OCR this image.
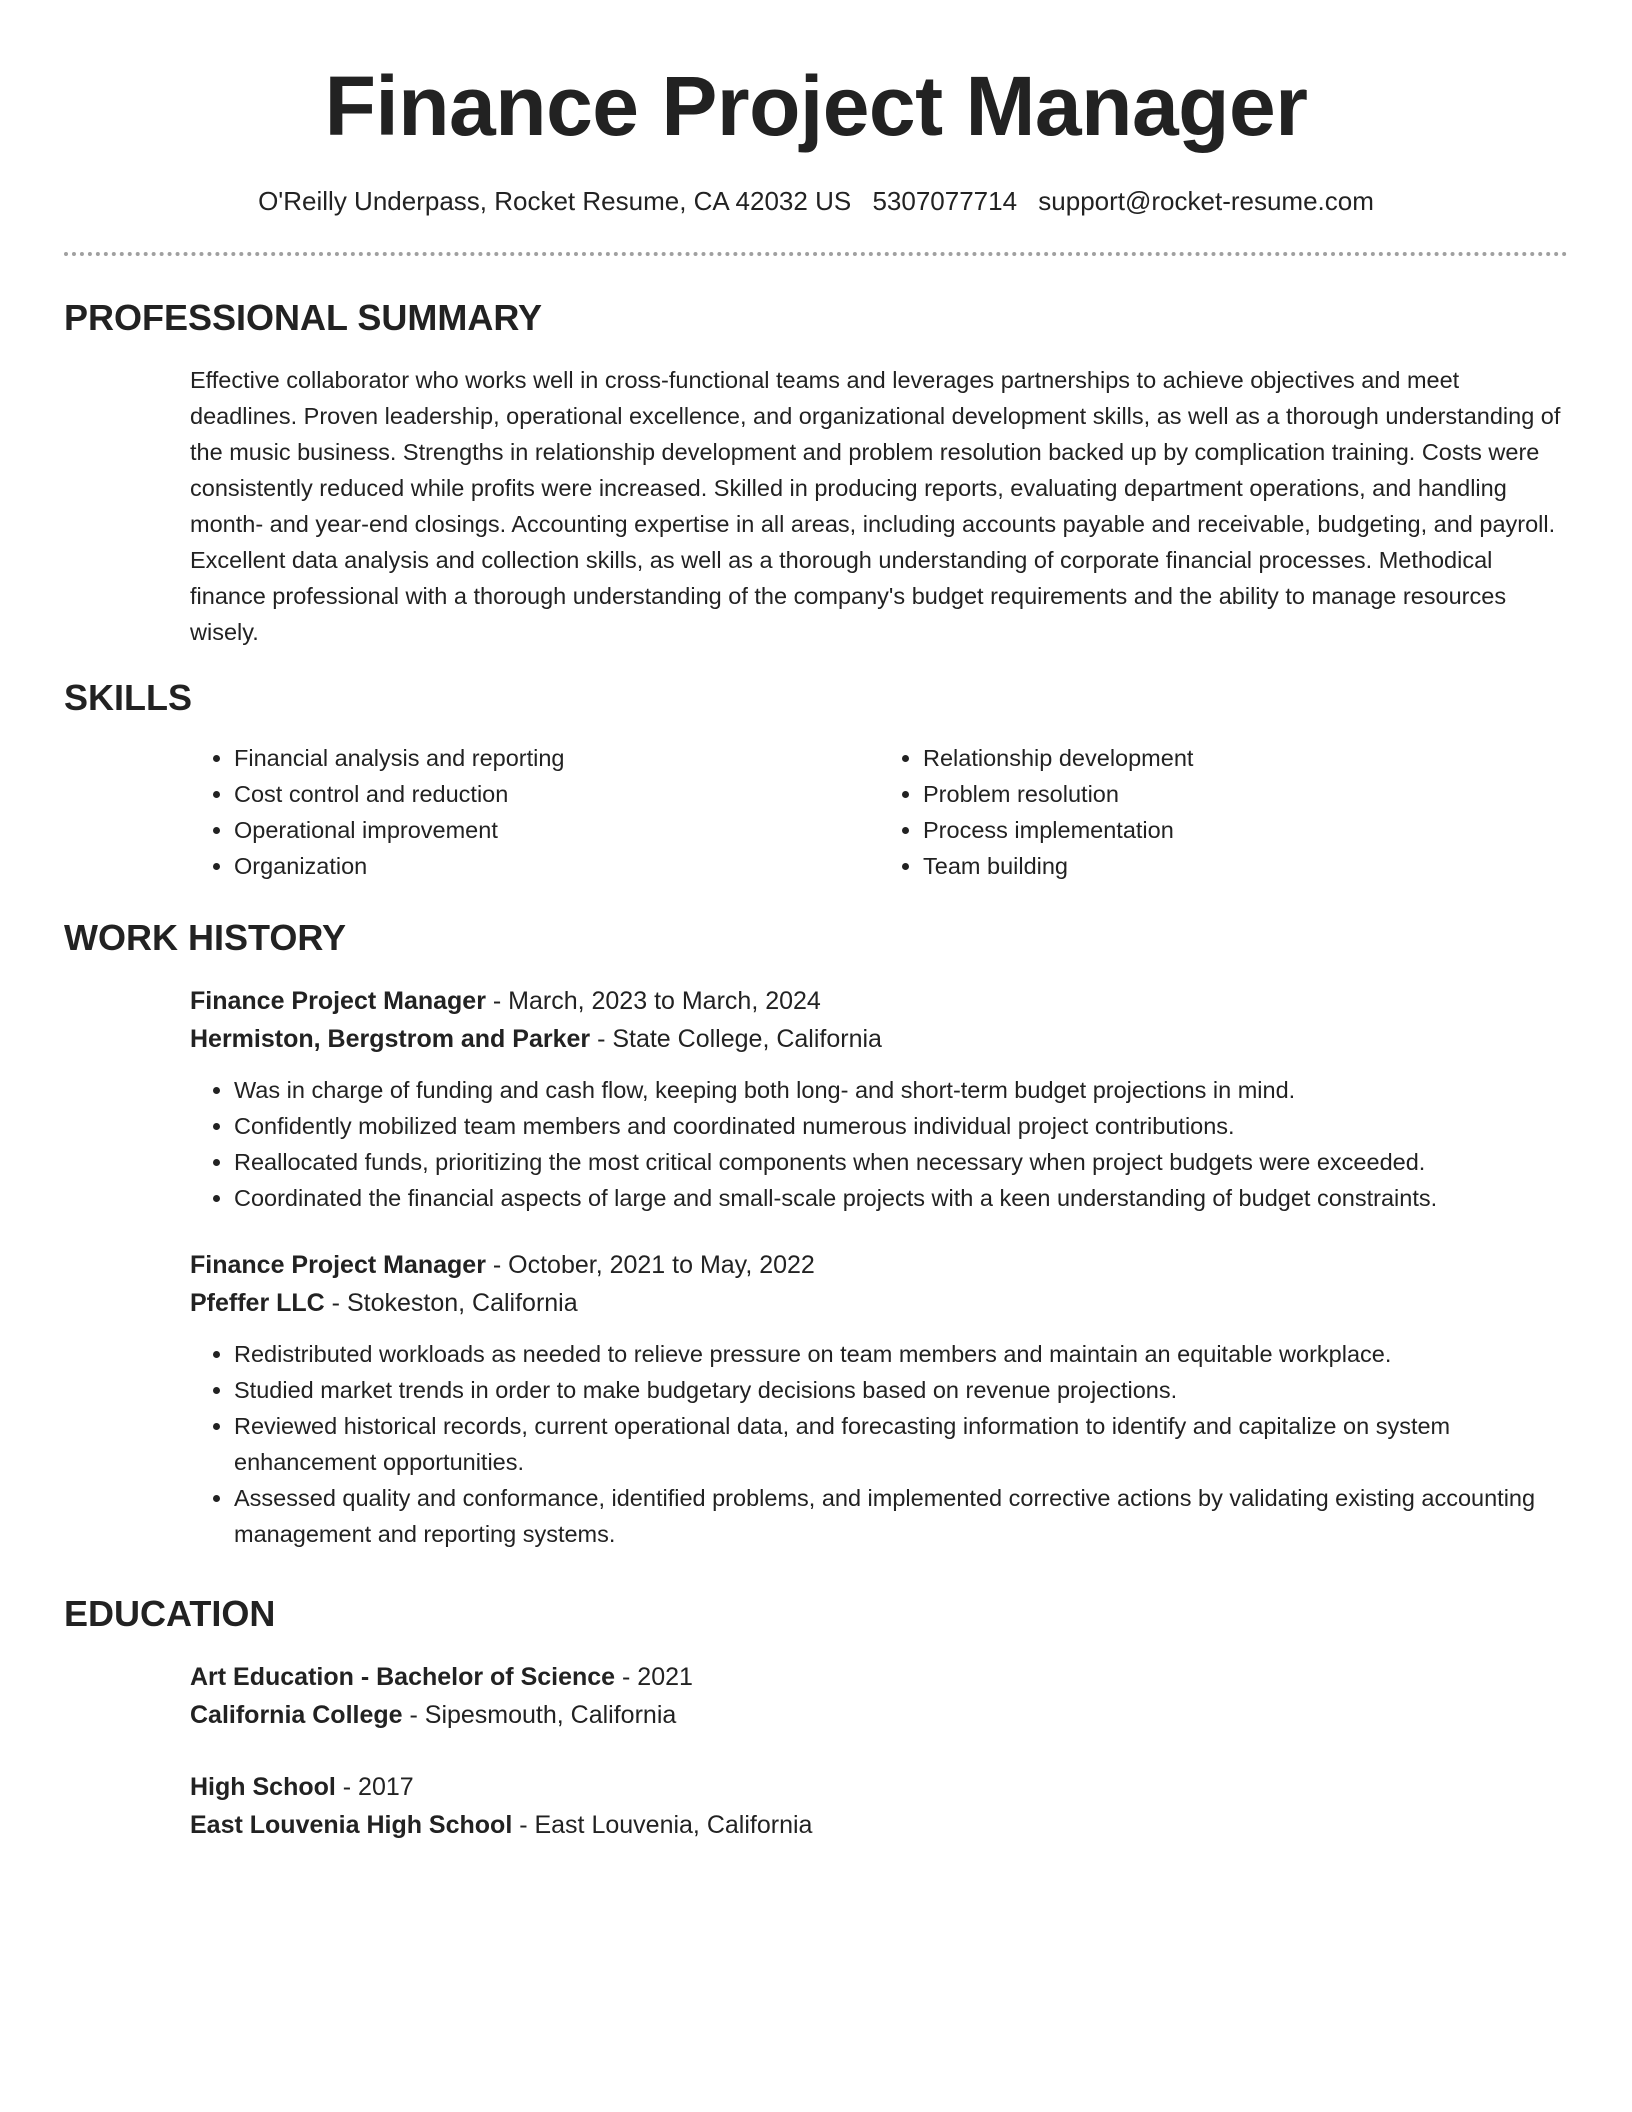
Finance Project Manager
O'Reilly Underpass, Rocket Resume, CA 42032 US 5307077714 support@rocket-resume.com
PROFESSIONAL SUMMARY
Effective collaborator who works well in cross-functional teams and leverages partnerships to achieve objectives and meet deadlines. Proven leadership, operational excellence, and organizational development skills, as well as a thorough understanding of the music business. Strengths in relationship development and problem resolution backed up by complication training. Costs were consistently reduced while profits were increased. Skilled in producing reports, evaluating department operations, and handling month- and year-end closings. Accounting expertise in all areas, including accounts payable and receivable, budgeting, and payroll. Excellent data analysis and collection skills, as well as a thorough understanding of corporate financial processes. Methodical finance professional with a thorough understanding of the company's budget requirements and the ability to manage resources wisely.
SKILLS
• Financial analysis and reporting
• Cost control and reduction
• Operational improvement
• Organization
• Relationship development
• Problem resolution
• Process implementation
• Team building
WORK HISTORY
Finance Project Manager - March, 2023 to March, 2024
Hermiston, Bergstrom and Parker - State College, California
• Was in charge of funding and cash flow, keeping both long- and short-term budget projections in mind.
• Confidently mobilized team members and coordinated numerous individual project contributions.
• Reallocated funds, prioritizing the most critical components when necessary when project budgets were exceeded.
• Coordinated the financial aspects of large and small-scale projects with a keen understanding of budget constraints.
Finance Project Manager - October, 2021 to May, 2022
Pfeffer LLC - Stokeston, California
• Redistributed workloads as needed to relieve pressure on team members and maintain an equitable workplace.
• Studied market trends in order to make budgetary decisions based on revenue projections.
• Reviewed historical records, current operational data, and forecasting information to identify and capitalize on system enhancement opportunities.
• Assessed quality and conformance, identified problems, and implemented corrective actions by validating existing accounting management and reporting systems.
EDUCATION
Art Education - Bachelor of Science - 2021
California College - Sipesmouth, California
High School - 2017
East Louvenia High School - East Louvenia, California
